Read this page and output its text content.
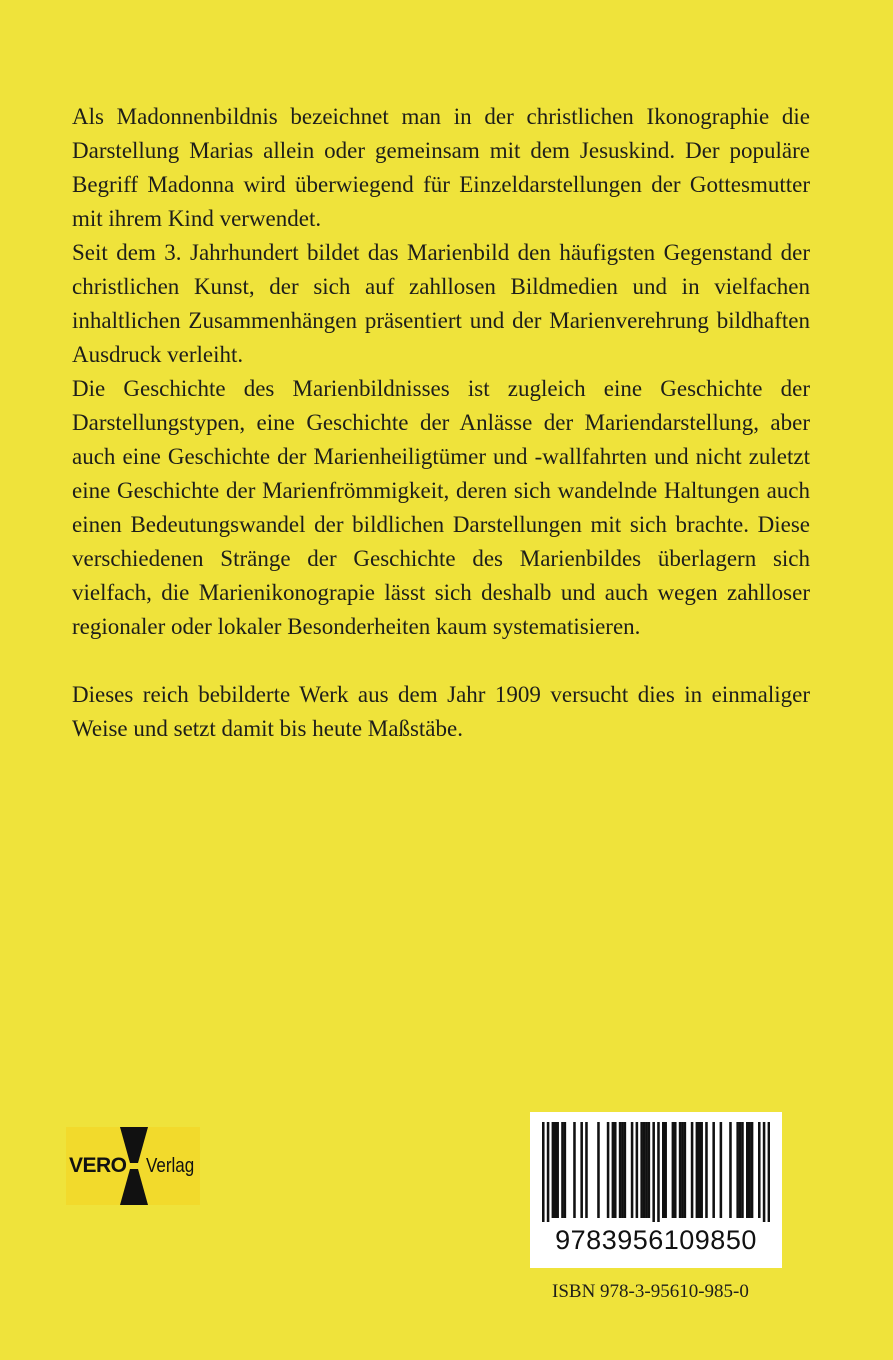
Als Madonnenbildnis bezeichnet man in der christlichen Ikonographie die Darstellung Marias allein oder gemeinsam mit dem Jesuskind. Der populäre Begriff Madonna wird überwiegend für Einzeldarstellungen der Gottesmutter mit ihrem Kind verwendet.

Seit dem 3. Jahrhundert bildet das Marienbild den häufigsten Gegenstand der christlichen Kunst, der sich auf zahllosen Bildmedien und in vielfachen inhaltlichen Zusammenhängen präsentiert und der Marienverehrung bildhaften Ausdruck verleiht.

Die Geschichte des Marienbildnisses ist zugleich eine Geschichte der Darstellungstypen, eine Geschichte der Anlässe der Mariendarstellung, aber auch eine Geschichte der Marienheiligtümer und -wallfahrten und nicht zuletzt eine Geschichte der Marienfrömmigkeit, deren sich wandelnde Haltungen auch einen Bedeutungswandel der bildlichen Darstellungen mit sich brachte. Diese verschiedenen Stränge der Geschichte des Marienbildes überlagern sich vielfach, die Marienikonograpie lässt sich deshalb und auch wegen zahlloser regionaler oder lokaler Besonderheiten kaum systematisieren.

Dieses reich bebilderte Werk aus dem Jahr 1909 versucht dies in einmaliger Weise und setzt damit bis heute Maßstäbe.

VERO Verlag
9783956109850
ISBN 978-3-95610-985-0
